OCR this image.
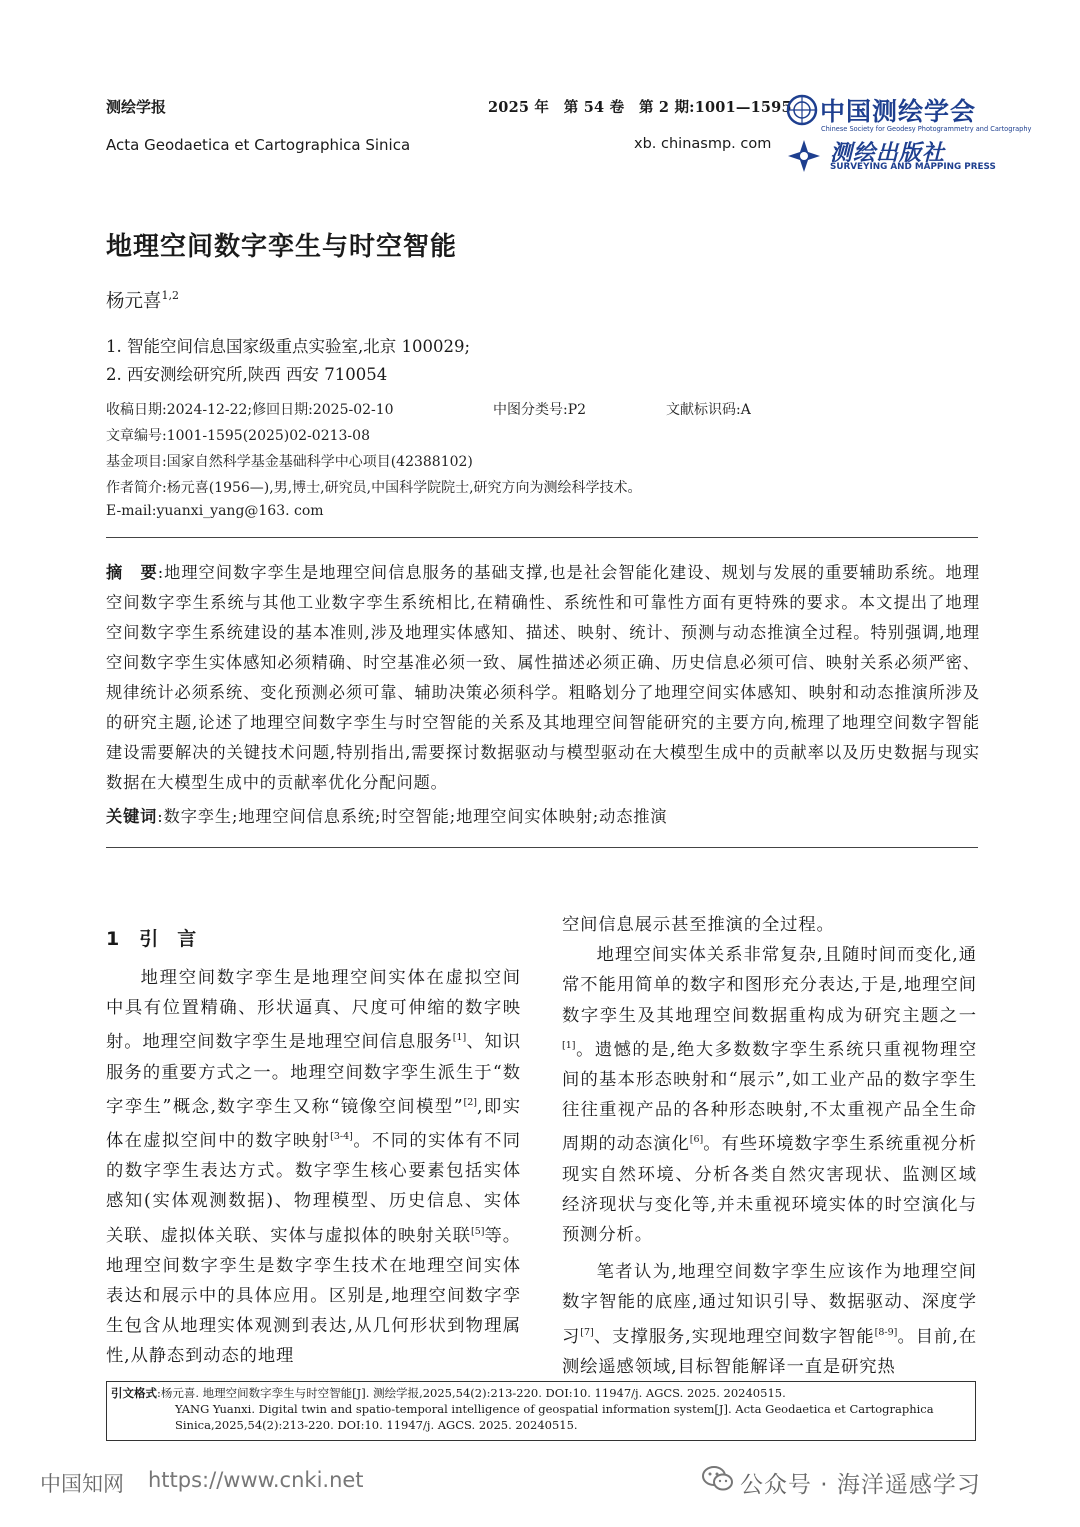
测绘学报	2025 年　第 54 卷　第 2 期:1001—1595
Acta Geodaetica et Cartographica Sinica	xb. chinasmp. com
中国测绘学会
Chinese Society for Geodesy Photogrammetry and Cartography
测绘出版社
SURVEYING AND MAPPING PRESS
地理空间数字孪生与时空智能
杨元喜$^{1,2}$
1. 智能空间信息国家级重点实验室,北京 100029;
2. 西安测绘研究所,陕西 西安 710054
收稿日期:2024-12-22;修回日期:2025-02-10	中图分类号:P2	文献标识码:A
文章编号:1001-1595(2025)02-0213-08
基金项目:国家自然科学基金基础科学中心项目(42388102)
作者简介:杨元喜(1956—),男,博士,研究员,中国科学院院士,研究方向为测绘科学技术。
E-mail:yuanxi_yang@163. com
摘　要:地理空间数字孪生是地理空间信息服务的基础支撑,也是社会智能化建设、规划与发展的重要辅助系统。地理空间数字孪生系统与其他工业数字孪生系统相比,在精确性、系统性和可靠性方面有更特殊的要求。本文提出了地理空间数字孪生系统建设的基本准则,涉及地理实体感知、描述、映射、统计、预测与动态推演全过程。特别强调,地理空间数字孪生实体感知必须精确、时空基准必须一致、属性描述必须正确、历史信息必须可信、映射关系必须严密、规律统计必须系统、变化预测必须可靠、辅助决策必须科学。粗略划分了地理空间实体感知、映射和动态推演所涉及的研究主题,论述了地理空间数字孪生与时空智能的关系及其地理空间智能研究的主要方向,梳理了地理空间数字智能建设需要解决的关键技术问题,特别指出,需要探讨数据驱动与模型驱动在大模型生成中的贡献率以及历史数据与现实数据在大模型生成中的贡献率优化分配问题。
关键词:数字孪生;地理空间信息系统;时空智能;地理空间实体映射;动态推演
1 引　言

地理空间数字孪生是地理空间实体在虚拟空间中具有位置精确、形状逼真、尺度可伸缩的数字映射。地理空间数字孪生是地理空间信息服务[1]、知识服务的重要方式之一。地理空间数字孪生派生于“数字孪生”概念,数字孪生又称“镜像空间模型”[2],即实体在虚拟空间中的数字映射[3-4]。不同的实体有不同的数字孪生表达方式。数字孪生核心要素包括实体感知(实体观测数据)、物理模型、历史信息、实体关联、虚拟体关联、实体与虚拟体的映射关联[5]等。地理空间数字孪生是数字孪生技术在地理空间实体表达和展示中的具体应用。区别是,地理空间数字孪生包含从地理实体观测到表达,从几何形状到物理属性,从静态到动态的地理

空间信息展示甚至推演的全过程。

地理空间实体关系非常复杂,且随时间而变化,通常不能用简单的数字和图形充分表达,于是,地理空间数字孪生及其地理空间数据重构成为研究主题之一[1]。遗憾的是,绝大多数数字孪生系统只重视物理空间的基本形态映射和“展示”,如工业产品的数字孪生往往重视产品的各种形态映射,不太重视产品全生命周期的动态演化[6]。有些环境数字孪生系统重视分析现实自然环境、分析各类自然灾害现状、监测区域经济现状与变化等,并未重视环境实体的时空演化与预测分析。

笔者认为,地理空间数字孪生应该作为地理空间数字智能的底座,通过知识引导、数据驱动、深度学习[7]、支撑服务,实现地理空间数字智能[8-9]。目前,在测绘遥感领域,目标智能解译一直是研究热

引文格式:杨元喜. 地理空间数字孪生与时空智能[J]. 测绘学报,2025,54(2):213-220. DOI:10. 11947/j. AGCS. 2025. 20240515.
YANG Yuanxi. Digital twin and spatio-temporal intelligence of geospatial information system[J]. Acta Geodaetica et Cartographica
Sinica,2025,54(2):213-220. DOI:10. 11947/j. AGCS. 2025. 20240515.
中国知网 https://www.cnki.net	公众号 · 海洋遥感学习
